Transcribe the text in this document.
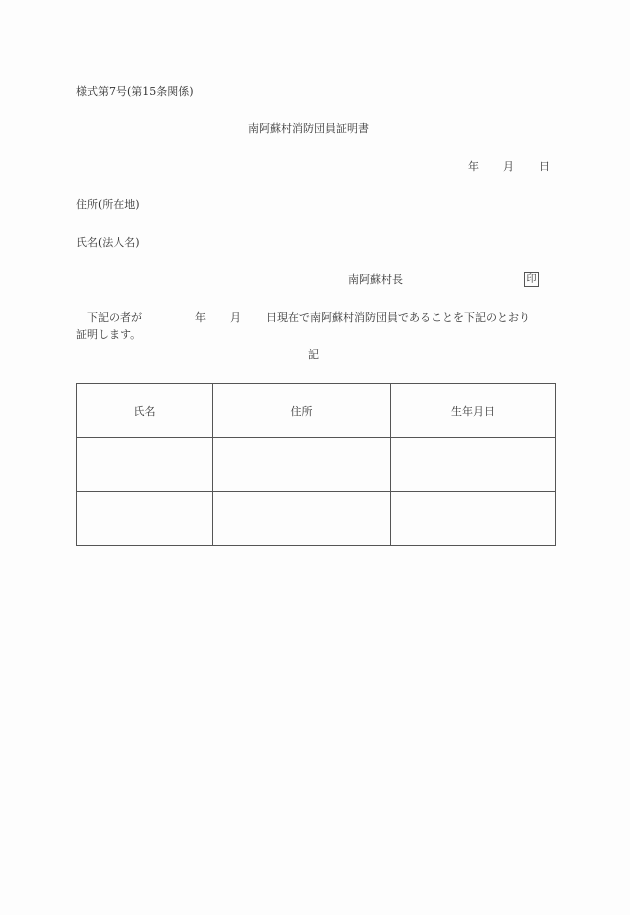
様式第7号(第15条関係)
南阿蘇村消防団員証明書
年 月 日
住所(所在地)
氏名(法人名)
南阿蘇村長	印
下記の者が	年 月 日現在で南阿蘇村消防団員であることを下記のとおり
証明します。
記
氏名	住所	生年月日
